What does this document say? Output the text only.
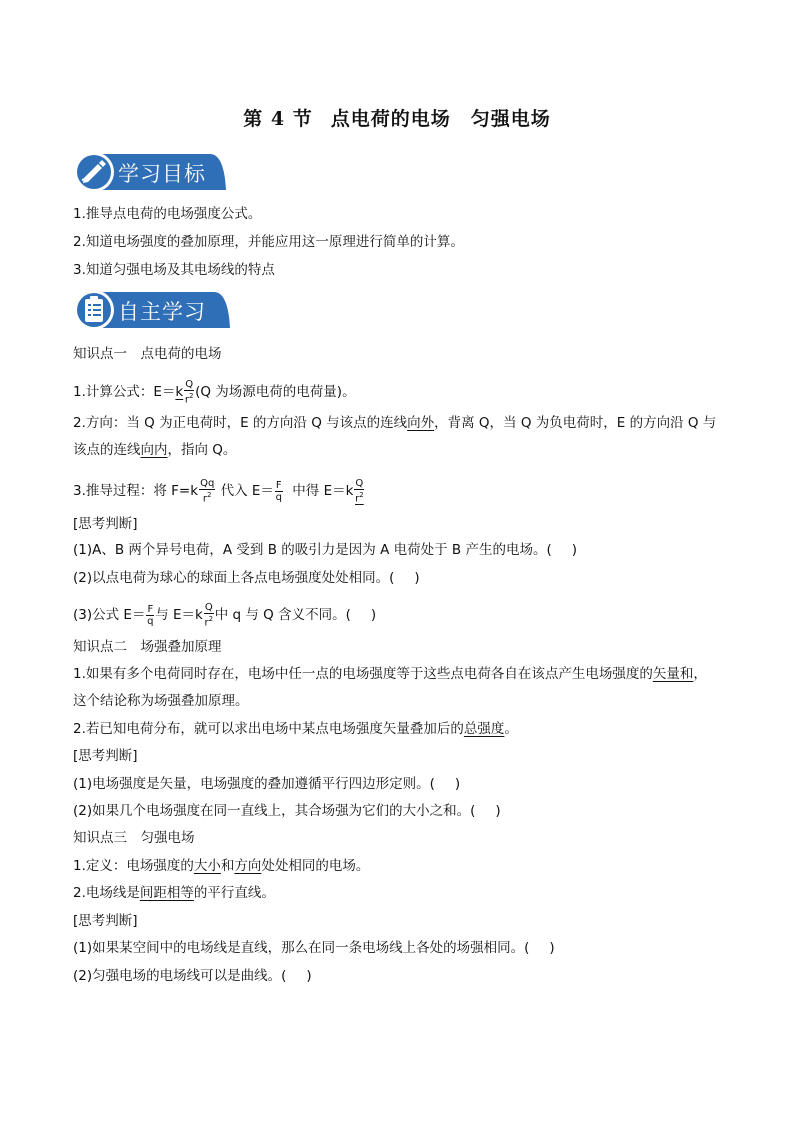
第 4 节 点电荷的电场　匀强电场
学习目标
自主学习
1.推导点电荷的电场强度公式。
2.知道电场强度的叠加原理，并能应用这一原理进行简单的计算。
3.知道匀强电场及其电场线的特点
知识点一　点电荷的电场
1.计算公式：$E=k \frac{Q}{r^2} (Q$ 为场源电荷的电荷量)。
2.方向：当 Q 为正电荷时，E 的方向沿 Q 与该点的连线向外，背离 Q，当 Q 为负电荷时，E 的方向沿 Q 与
该点的连线向内，指向 Q。
3.推导过程：将 $F=k \frac{Qq}{r^2}$ 代入 $E= \frac{F}{q}$ 中得 $E=k \frac{Q}{r^2}$
[思考判断]
(1)A、B 两个异号电荷，A 受到 B 的吸引力是因为 A 电荷处于 B 产生的电场。( )
(2)以点电荷为球心的球面上各点电场强度处处相同。( )
(3)公式 $E= \frac{F}{q}$ 与 $E=k \frac{Q}{r^2}$ 中 q 与 Q 含义不同。( )
知识点二　场强叠加原理
1.如果有多个电荷同时存在，电场中任一点的电场强度等于这些点电荷各自在该点产生电场强度的矢量和，
这个结论称为场强叠加原理。
2.若已知电荷分布，就可以求出电场中某点电场强度矢量叠加后的总强度。
[思考判断]
(1)电场强度是矢量，电场强度的叠加遵循平行四边形定则。( )
(2)如果几个电场强度在同一直线上，其合场强为它们的大小之和。( )
知识点三　匀强电场
1.定义：电场强度的大小和方向处处相同的电场。
2.电场线是间距相等的平行直线。
[思考判断]
(1)如果某空间中的电场线是直线，那么在同一条电场线上各处的场强相同。( )
(2)匀强电场的电场线可以是曲线。( )
